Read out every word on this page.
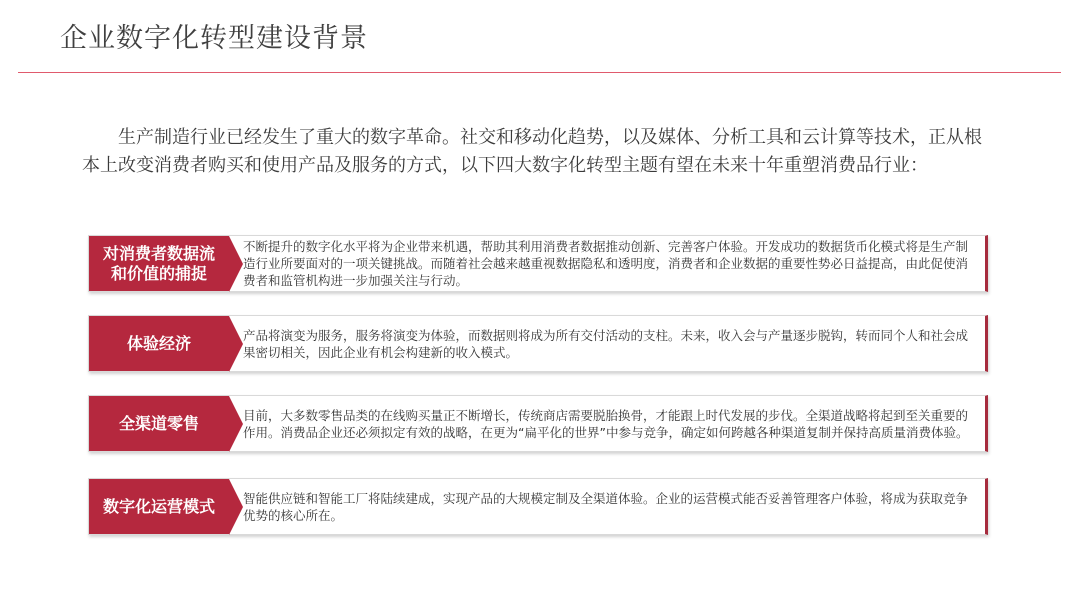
企业数字化转型建设背景
生产制造行业已经发生了重大的数字革命。社交和移动化趋势，以及媒体、分析工具和云计算等技术，正从根本上改变消费者购买和使用产品及服务的方式，以下四大数字化转型主题有望在未来十年重塑消费品行业：
对消费者数据流和价值的捕捉
不断提升的数字化水平将为企业带来机遇，帮助其利用消费者数据推动创新、完善客户体验。开发成功的数据货币化模式将是生产制造行业所要面对的一项关键挑战。而随着社会越来越重视数据隐私和透明度，消费者和企业数据的重要性势必日益提高，由此促使消费者和监管机构进一步加强关注与行动。
体验经济	产品将演变为服务，服务将演变为体验，而数据则将成为所有交付活动的支柱。未来，收入会与产量逐步脱钩，转而同个人和社会成果密切相关，因此企业有机会构建新的收入模式。
全渠道零售	目前，大多数零售品类的在线购买量正不断增长，传统商店需要脱胎换骨，才能跟上时代发展的步伐。全渠道战略将起到至关重要的作用。消费品企业还必须拟定有效的战略，在更为“扁平化的世界”中参与竞争，确定如何跨越各种渠道复制并保持高质量消费体验。
数字化运营模式 智能供应链和智能工厂将陆续建成，实现产品的大规模定制及全渠道体验。企业的运营模式能否妥善管理客户体验，将成为获取竞争优势的核心所在。
